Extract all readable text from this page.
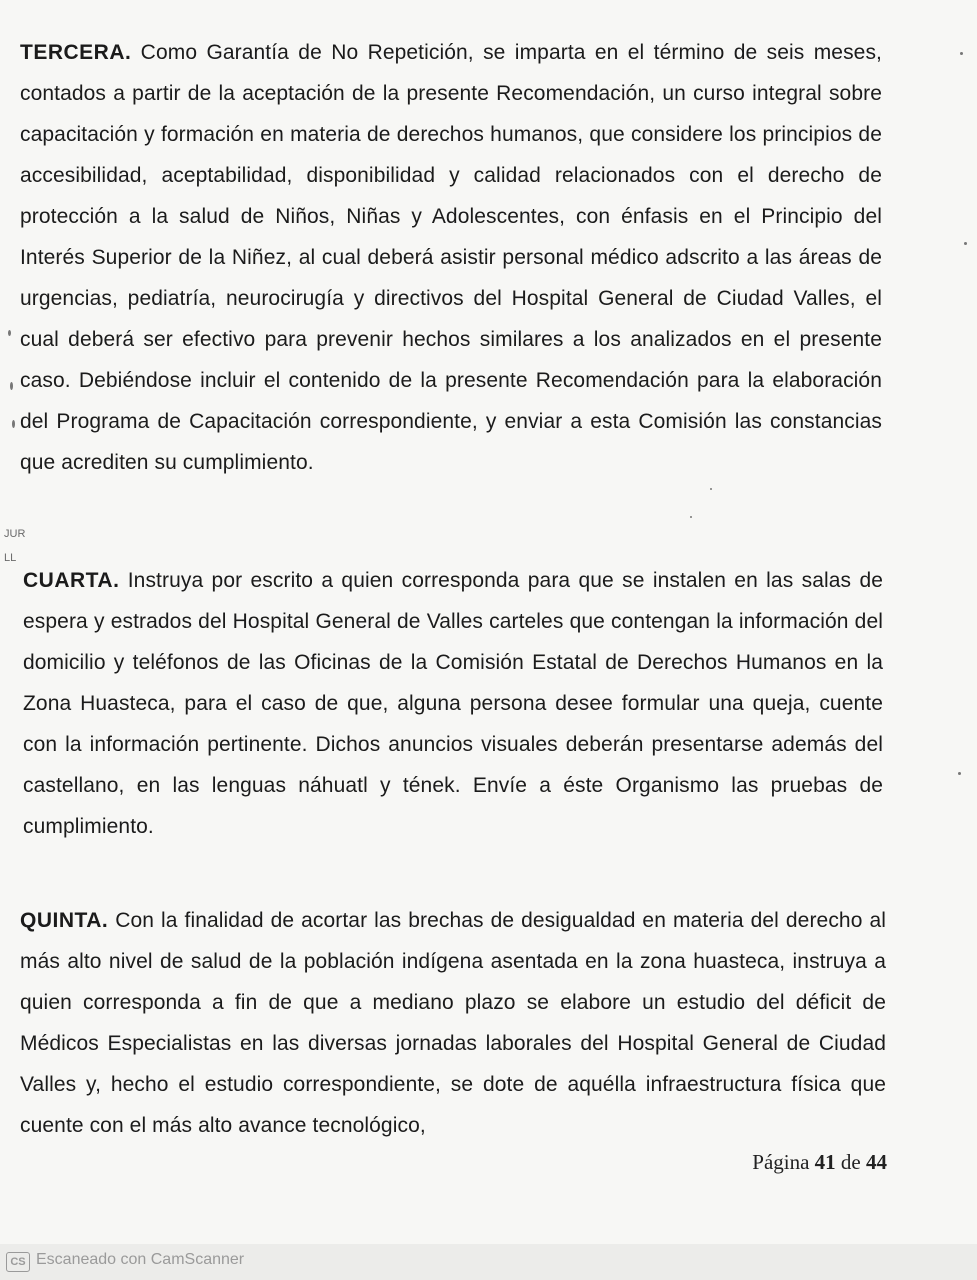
TERCERA. Como Garantía de No Repetición, se imparta en el término de seis meses, contados a partir de la aceptación de la presente Recomendación, un curso integral sobre capacitación y formación en materia de derechos humanos, que considere los principios de accesibilidad, aceptabilidad, disponibilidad y calidad relacionados con el derecho de protección a la salud de Niños, Niñas y Adolescentes, con énfasis en el Principio del Interés Superior de la Niñez, al cual deberá asistir personal médico adscrito a las áreas de urgencias, pediatría, neurocirugía y directivos del Hospital General de Ciudad Valles, el cual deberá ser efectivo para prevenir hechos similares a los analizados en el presente caso. Debiéndose incluir el contenido de la presente Recomendación para la elaboración del Programa de Capacitación correspondiente, y enviar a esta Comisión las constancias que acrediten su cumplimiento.

CUARTA. Instruya por escrito a quien corresponda para que se instalen en las salas de espera y estrados del Hospital General de Valles carteles que contengan la información del domicilio y teléfonos de las Oficinas de la Comisión Estatal de Derechos Humanos en la Zona Huasteca, para el caso de que, alguna persona desee formular una queja, cuente con la información pertinente. Dichos anuncios visuales deberán presentarse además del castellano, en las lenguas náhuatl y tének. Envíe a éste Organismo las pruebas de cumplimiento.

QUINTA. Con la finalidad de acortar las brechas de desigualdad en materia del derecho al más alto nivel de salud de la población indígena asentada en la zona huasteca, instruya a quien corresponda a fin de que a mediano plazo se elabore un estudio del déficit de Médicos Especialistas en las diversas jornadas laborales del Hospital General de Ciudad Valles y, hecho el estudio correspondiente, se dote de aquélla infraestructura física que cuente con el más alto avance tecnológico,

Página 41 de 44
JUR
LL
CS Escaneado con CamScanner
